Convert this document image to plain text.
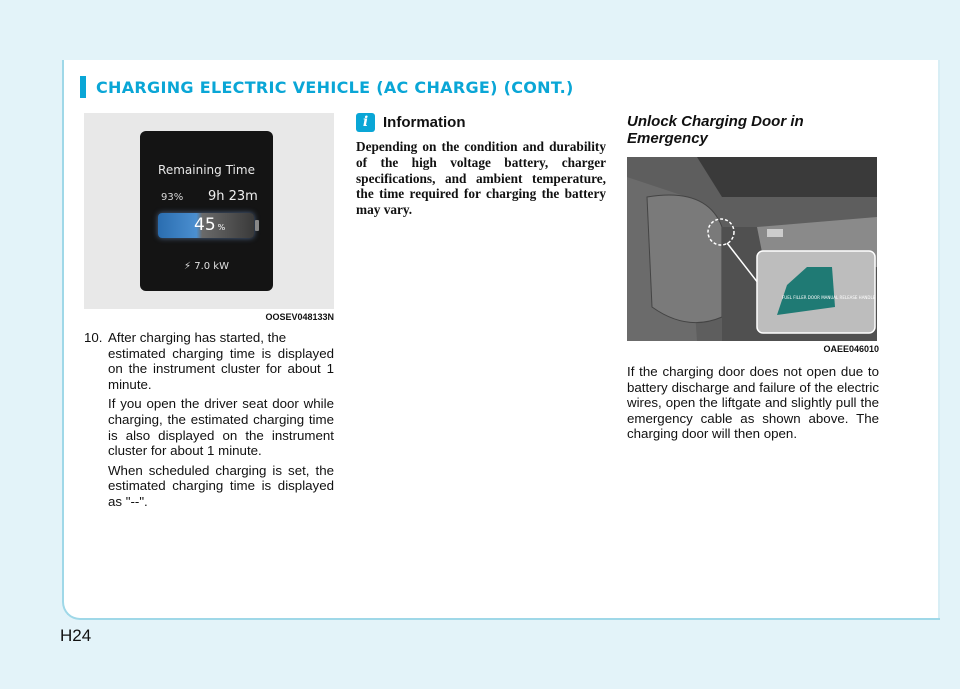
CHARGING ELECTRIC VEHICLE (AC CHARGE) (CONT.)
Remaining Time
93% 9h 23m
45 %
⚡ 7.0 kW
OOSEV048133N
10. After charging has started, the
estimated charging time is displayed on the instrument cluster for about 1 minute.
If you open the driver seat door while charging, the estimated charging time is also displayed on the instrument cluster for about 1 minute.
When scheduled charging is set, the estimated charging time is displayed as "--".
i Information
Depending on the condition and durability of the high voltage battery, charger specifications, and ambient temperature, the time required for charging the battery may vary.
Unlock Charging Door in
Emergency
FUEL FILLER DOOR MANUAL RELEASE HANDLE
OAEE046010
If the charging door does not open due to battery discharge and failure of the electric wires, open the liftgate and slightly pull the emergency cable as shown above. The charging door will then open.
H24
